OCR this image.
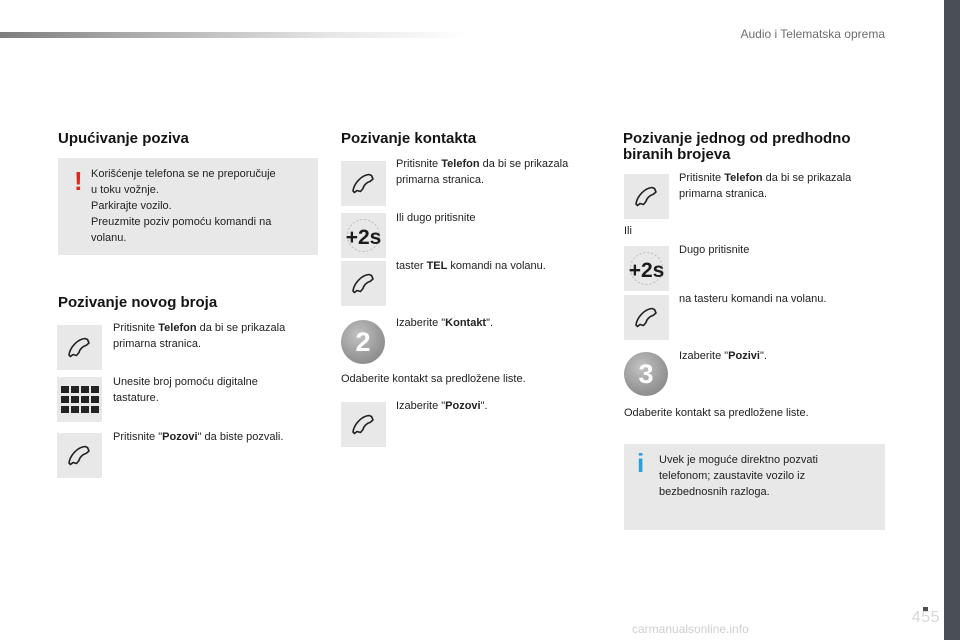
Audio i Telematska oprema
455
carmanualsonline.info
Upućivanje poziva
! Korišćenje telefona se ne preporučuje
u toku vožnje.
Parkirajte vozilo.
Preuzmite poziv pomoću komandi na
volanu.
Pozivanje novog broja
Pritisnite Telefon da bi se prikazala
primarna stranica.
Unesite broj pomoću digitalne
tastature.
Pritisnite "Pozovi" da biste pozvali.
Pozivanje kontakta
Pritisnite Telefon da bi se prikazala
primarna stranica.
+2s
Ili dugo pritisnite
taster TEL komandi na volanu.
2
Izaberite "Kontakt".
Odaberite kontakt sa predložene liste.
Izaberite "Pozovi".
Pozivanje jednog od predhodno
biranih brojeva
Pritisnite Telefon da bi se prikazala
primarna stranica.
Ili
+2s
Dugo pritisnite
na tasteru komandi na volanu.
3
Izaberite "Pozivi".
Odaberite kontakt sa predložene liste.
i Uvek je moguće direktno pozvati
telefonom; zaustavite vozilo iz
bezbednosnih razloga.
